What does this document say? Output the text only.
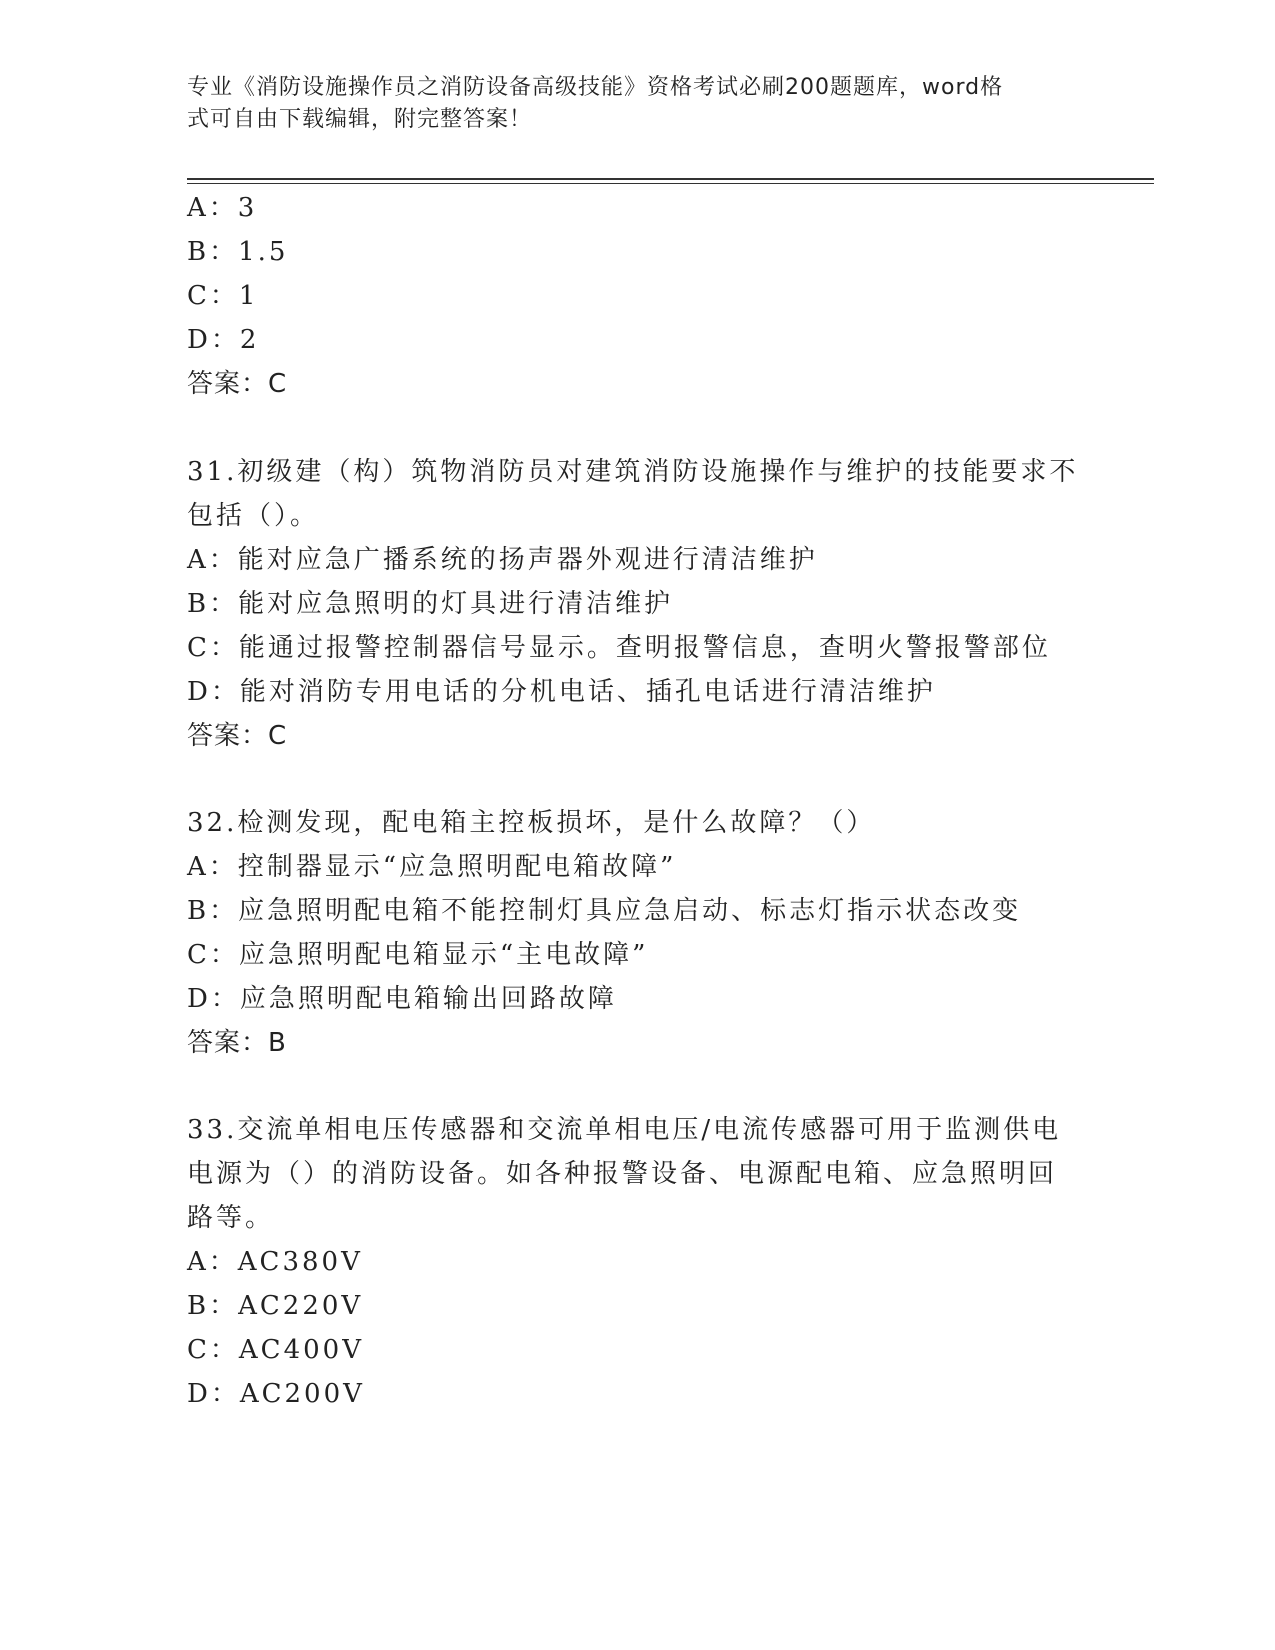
专业《消防设施操作员之消防设备高级技能》资格考试必刷200题题库，word格
式可自由下载编辑，附完整答案！
A：3
B：1.5
C：1
D：2
答案：C
31.初级建（构）筑物消防员对建筑消防设施操作与维护的技能要求不
包括（）。
A：能对应急广播系统的扬声器外观进行清洁维护
B：能对应急照明的灯具进行清洁维护
C：能通过报警控制器信号显示。查明报警信息，查明火警报警部位
D：能对消防专用电话的分机电话、插孔电话进行清洁维护
答案：C
32.检测发现，配电箱主控板损坏，是什么故障？（）
A：控制器显示“应急照明配电箱故障”
B：应急照明配电箱不能控制灯具应急启动、标志灯指示状态改变
C：应急照明配电箱显示“主电故障”
D：应急照明配电箱输出回路故障
答案：B
33.交流单相电压传感器和交流单相电压/电流传感器可用于监测供电
电源为（）的消防设备。如各种报警设备、电源配电箱、应急照明回
路等。
A：AC380V
B：AC220V
C：AC400V
D：AC200V
